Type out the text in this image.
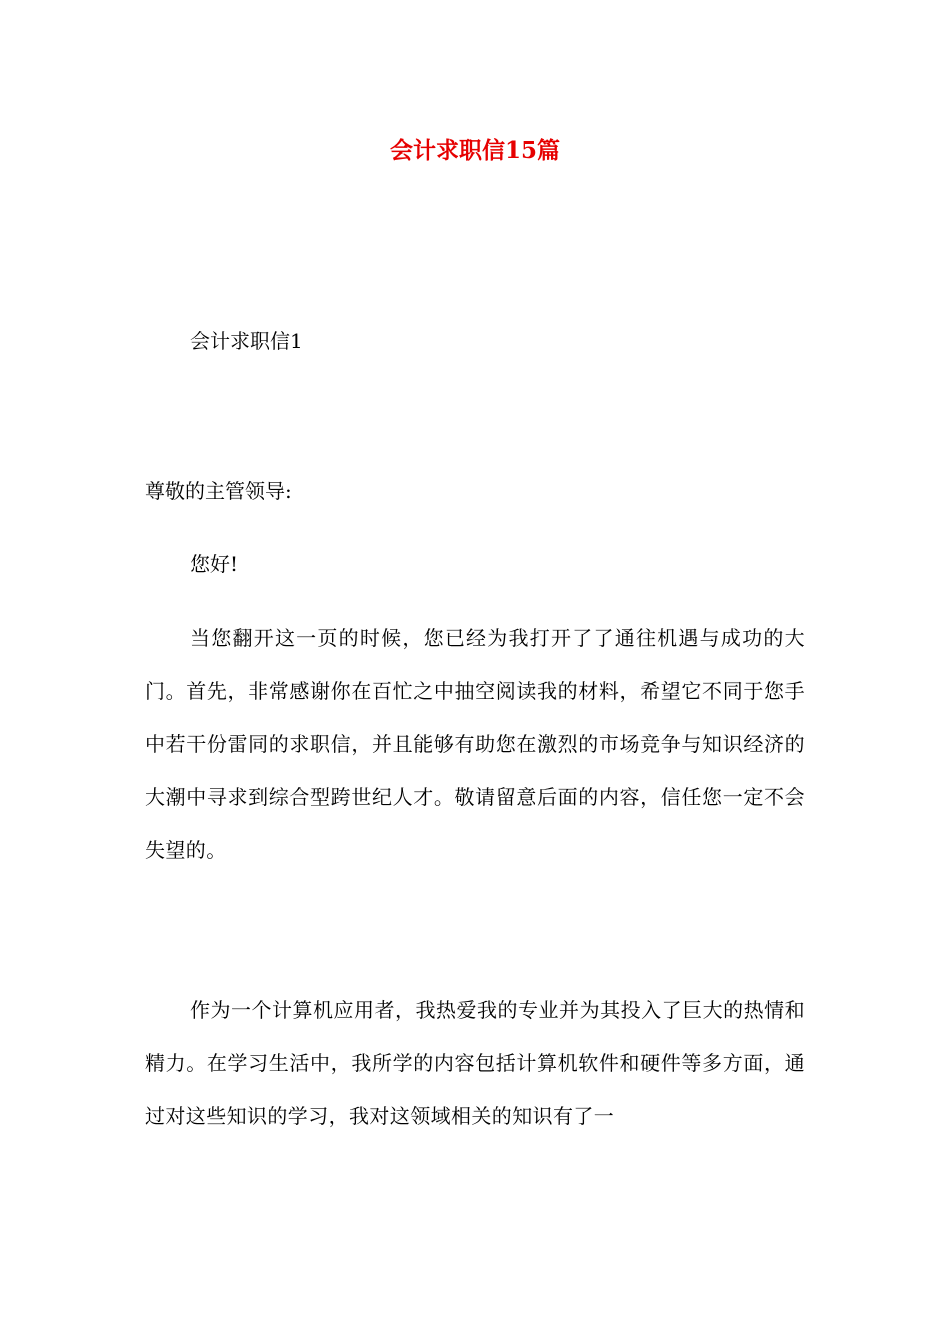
会计求职信15篇

会计求职信1

尊敬的主管领导:

您好!

当您翻开这一页的时候，您已经为我打开了了通往机遇与成功的大门。首先，非常感谢你在百忙之中抽空阅读我的材料，希望它不同于您手中若干份雷同的求职信，并且能够有助您在激烈的市场竞争与知识经济的大潮中寻求到综合型跨世纪人才。敬请留意后面的内容，信任您一定不会失望的。

作为一个计算机应用者，我热爱我的专业并为其投入了巨大的热情和精力。在学习生活中，我所学的内容包括计算机软件和硬件等多方面，通过对这些知识的学习，我对这领域相关的知识有了一
